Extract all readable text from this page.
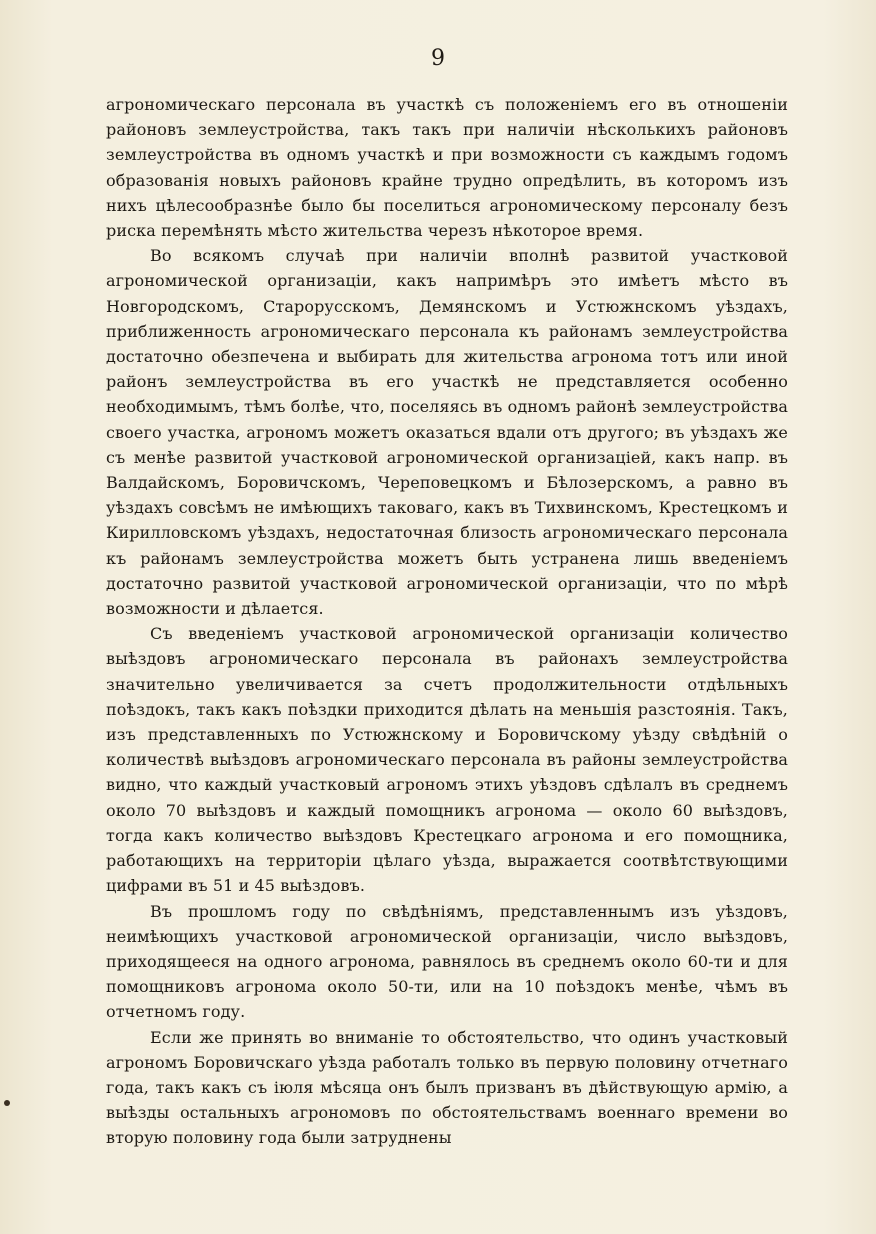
9

агрономическаго персонала въ участкѣ съ положеніемъ его въ отношеніи районовъ землеустройства, такъ такъ при наличіи нѣсколькихъ районовъ землеустройства въ одномъ участкѣ и при возможности съ каждымъ годомъ образованія новыхъ районовъ крайне трудно опредѣлить, въ которомъ изъ нихъ цѣлесообразнѣе было бы поселиться агрономическому персоналу безъ риска перемѣнять мѣсто жительства черезъ нѣкоторое время.

Во всякомъ случаѣ при наличіи вполнѣ развитой участковой агрономической организаціи, какъ напримѣръ это имѣетъ мѣсто въ Новгородскомъ, Старорусскомъ, Демянскомъ и Устюжнскомъ уѣздахъ, приближенность агрономическаго персонала къ районамъ землеустройства достаточно обезпечена и выбирать для жительства агронома тотъ или иной районъ землеустройства въ его участкѣ не представляется особенно необходимымъ, тѣмъ болѣе, что, поселяясь въ одномъ районѣ землеустройства своего участка, агрономъ можетъ оказаться вдали отъ другого; въ уѣздахъ же съ менѣе развитой участковой агрономической организаціей, какъ напр. въ Валдайскомъ, Боровичскомъ, Череповецкомъ и Бѣлозерскомъ, а равно въ уѣздахъ совсѣмъ не имѣющихъ таковаго, какъ въ Тихвинскомъ, Крестецкомъ и Кирилловскомъ уѣздахъ, недостаточная близость агрономическаго персонала къ районамъ землеустройства можетъ быть устранена лишь введеніемъ достаточно развитой участковой агрономической организаціи, что по мѣрѣ возможности и дѣлается.

Съ введеніемъ участковой агрономической организаціи количество выѣздовъ агрономическаго персонала въ районахъ землеустройства значительно увеличивается за счетъ продолжительности отдѣльныхъ поѣздокъ, такъ какъ поѣздки приходится дѣлать на меньшія разстоянія. Такъ, изъ представленныхъ по Устюжнскому и Боровичскому уѣзду свѣдѣній о количествѣ выѣздовъ агрономическаго персонала въ районы землеустройства видно, что каждый участковый агрономъ этихъ уѣздовъ сдѣлалъ въ среднемъ около 70 выѣздовъ и каждый помощникъ агронома — около 60 выѣздовъ, тогда какъ количество выѣздовъ Крестецкаго агронома и его помощника, работающихъ на территоріи цѣлаго уѣзда, выражается соотвѣтствующими цифрами въ 51 и 45 выѣздовъ.

Въ прошломъ году по свѣдѣніямъ, представленнымъ изъ уѣздовъ, неимѣющихъ участковой агрономической организаціи, число выѣздовъ, приходящееся на одного агронома, равнялось въ среднемъ около 60-ти и для помощниковъ агронома около 50-ти, или на 10 поѣздокъ менѣе, чѣмъ въ отчетномъ году.

Если же принять во вниманіе то обстоятельство, что одинъ участковый агрономъ Боровичскаго уѣзда работалъ только въ первую половину отчетнаго года, такъ какъ съ іюля мѣсяца онъ былъ призванъ въ дѣйствующую армію, а выѣзды остальныхъ агрономовъ по обстоятельствамъ военнаго времени во вторую половину года были затруднены
